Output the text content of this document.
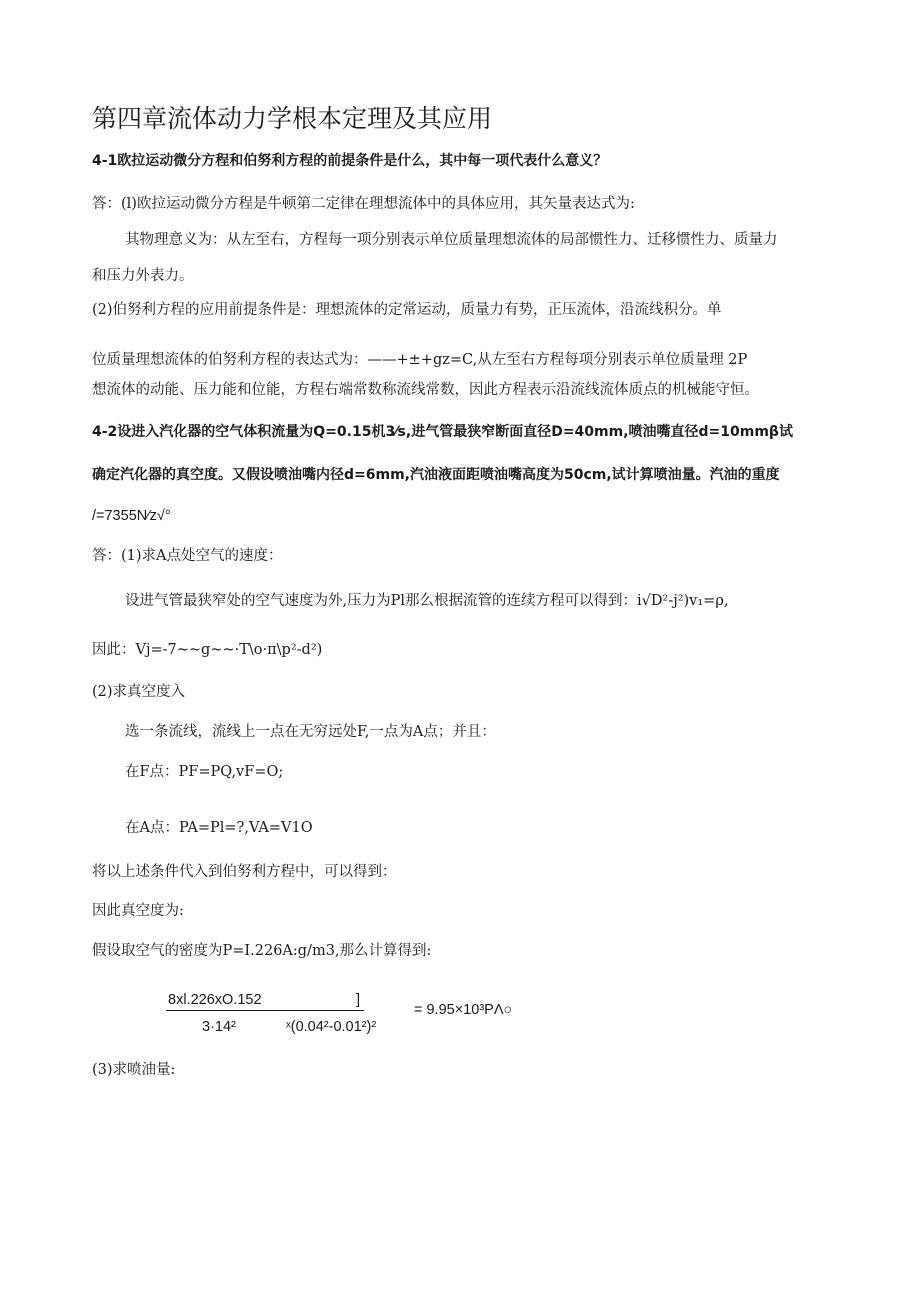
第四章流体动力学根本定理及其应用
4-1欧拉运动微分方程和伯努利方程的前提条件是什么，其中每一项代表什么意义？
答：(l)欧拉运动微分方程是牛顿第二定律在理想流体中的具体应用，其矢量表达式为:
其物理意义为：从左至右，方程每一项分别表示单位质量理想流体的局部惯性力、迁移惯性力、质量力
和压力外表力。
(2)伯努利方程的应用前提条件是：理想流体的定常运动，质量力有势，正压流体，沿流线积分。单
位质量理想流体的伯努利方程的表达式为：——+±+gz=C,从左至右方程每项分别表示单位质量理 2P
想流体的动能、压力能和位能，方程右端常数称流线常数，因此方程表示沿流线流体质点的机械能守恒。
4-2设进入汽化器的空气体积流量为Q=0.15机3⁄s,进气管最狭窄断面直径D=40mm,喷油嘴直径d=10mmβ试
确定汽化器的真空度。又假设喷油嘴内径d=6mm,汽油液面距喷油嘴高度为50cm,试计算喷油量。汽油的重度
/=7355N⁄z√°
答：(1)求A点处空气的速度：
设进气管最狭窄处的空气速度为外,压力为Pl那么根据流管的连续方程可以得到：i√D²-j²)v₁=ρ,
因此：Vj=-7~~g~~·T\o·π\p²-d²)
(2)求真空度入
选一条流线，流线上一点在无穷远处F,一点为A点；并且：
在F点：PF=PQ,vF=O;
在A点：PA=Pl=?,VA=V1O
将以上述条件代入到伯努利方程中，可以得到：
因此真空度为:
假设取空气的密度为P=I.226A:g/m3,那么计算得到:
8xl.226xO.152	]
3·14²	ˣ(0.04²-0.01²)²
= 9.95×10³PΛ○
(3)求喷油量:
